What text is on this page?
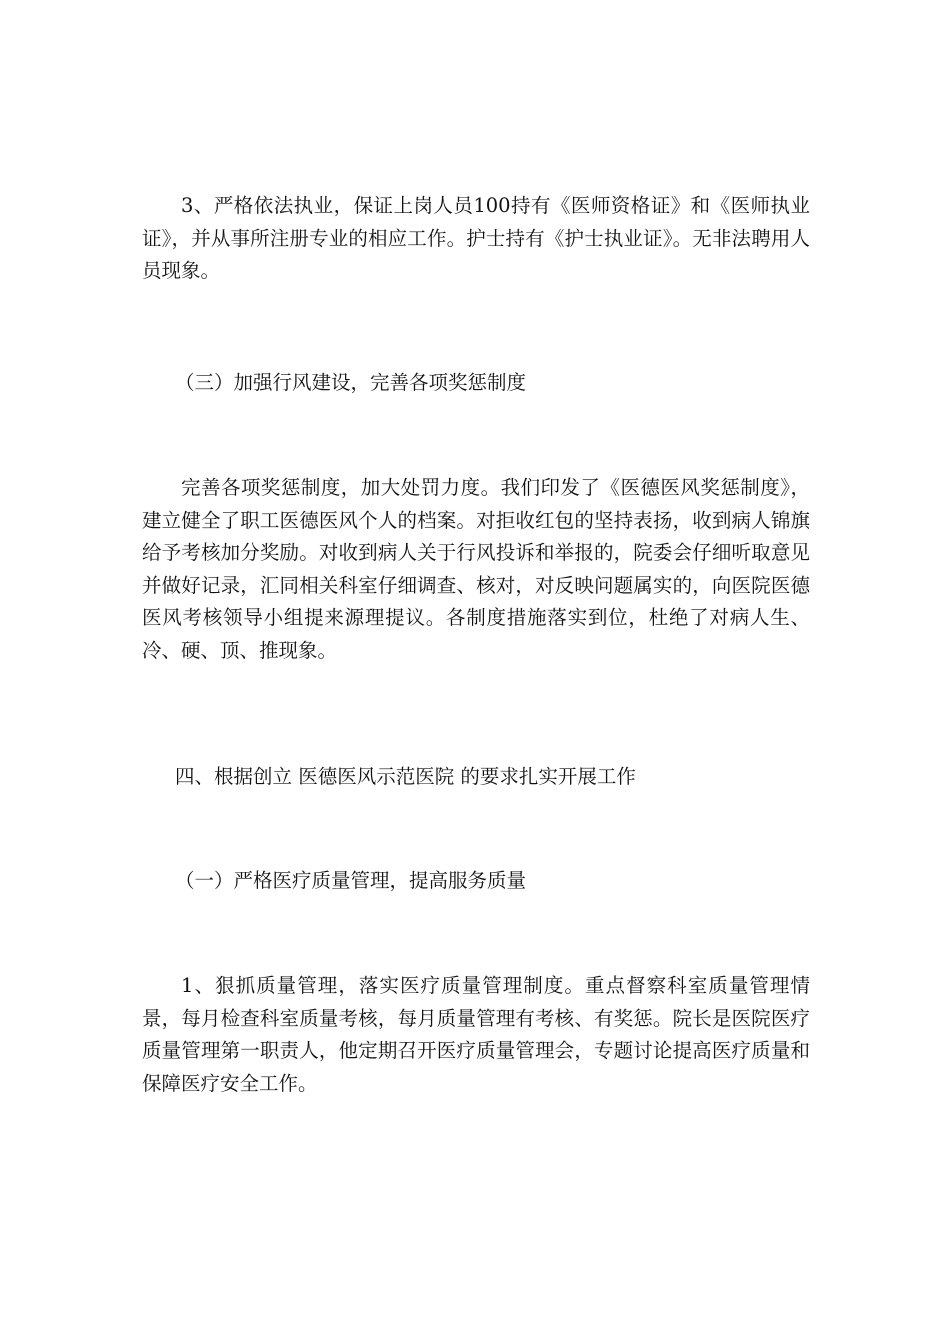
3、严格依法执业，保证上岗人员100持有《医师资格证》和《医师执业证》，并从事所注册专业的相应工作。护士持有《护士执业证》。无非法聘用人员现象。

（三）加强行风建设，完善各项奖惩制度

完善各项奖惩制度，加大处罚力度。我们印发了《医德医风奖惩制度》，建立健全了职工医德医风个人的档案。对拒收红包的坚持表扬，收到病人锦旗给予考核加分奖励。对收到病人关于行风投诉和举报的，院委会仔细听取意见并做好记录，汇同相关科室仔细调查、核对，对反映问题属实的，向医院医德医风考核领导小组提来源理提议。各制度措施落实到位，杜绝了对病人生、冷、硬、顶、推现象。

四、根据创立 医德医风示范医院 的要求扎实开展工作

（一）严格医疗质量管理，提高服务质量

1、狠抓质量管理，落实医疗质量管理制度。重点督察科室质量管理情景，每月检查科室质量考核，每月质量管理有考核、有奖惩。院长是医院医疗质量管理第一职责人，他定期召开医疗质量管理会，专题讨论提高医疗质量和保障医疗安全工作。
